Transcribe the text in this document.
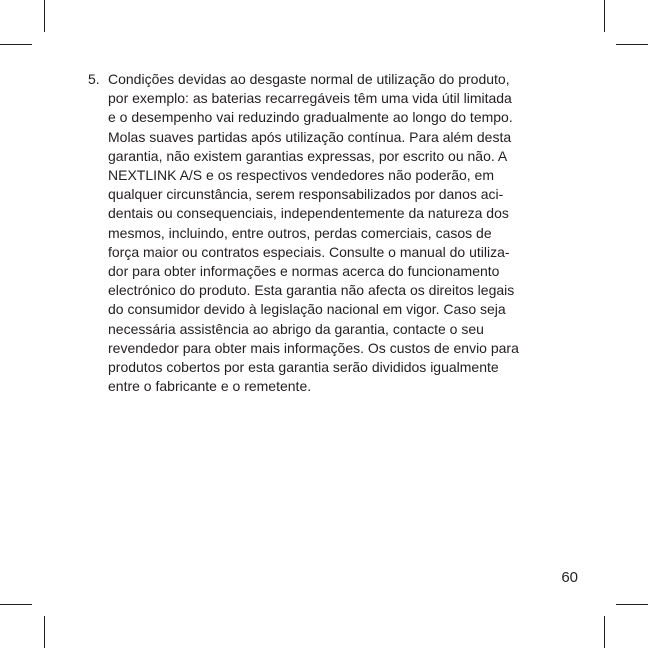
5. Condições devidas ao desgaste normal de utilização do produto,
por exemplo: as baterias recarregáveis têm uma vida útil limitada
e o desempenho vai reduzindo gradualmente ao longo do tempo.
Molas suaves partidas após utilização contínua. Para além desta
garantia, não existem garantias expressas, por escrito ou não. A
NEXTLINK A/S e os respectivos vendedores não poderão, em
qualquer circunstância, serem responsabilizados por danos aci-
dentais ou consequenciais, independentemente da natureza dos
mesmos, incluindo, entre outros, perdas comerciais, casos de
força maior ou contratos especiais. Consulte o manual do utiliza-
dor para obter informações e normas acerca do funcionamento
electrónico do produto. Esta garantia não afecta os direitos legais
do consumidor devido à legislação nacional em vigor. Caso seja
necessária assistência ao abrigo da garantia, contacte o seu
revendedor para obter mais informações. Os custos de envio para
produtos cobertos por esta garantia serão divididos igualmente
entre o fabricante e o remetente.
60
